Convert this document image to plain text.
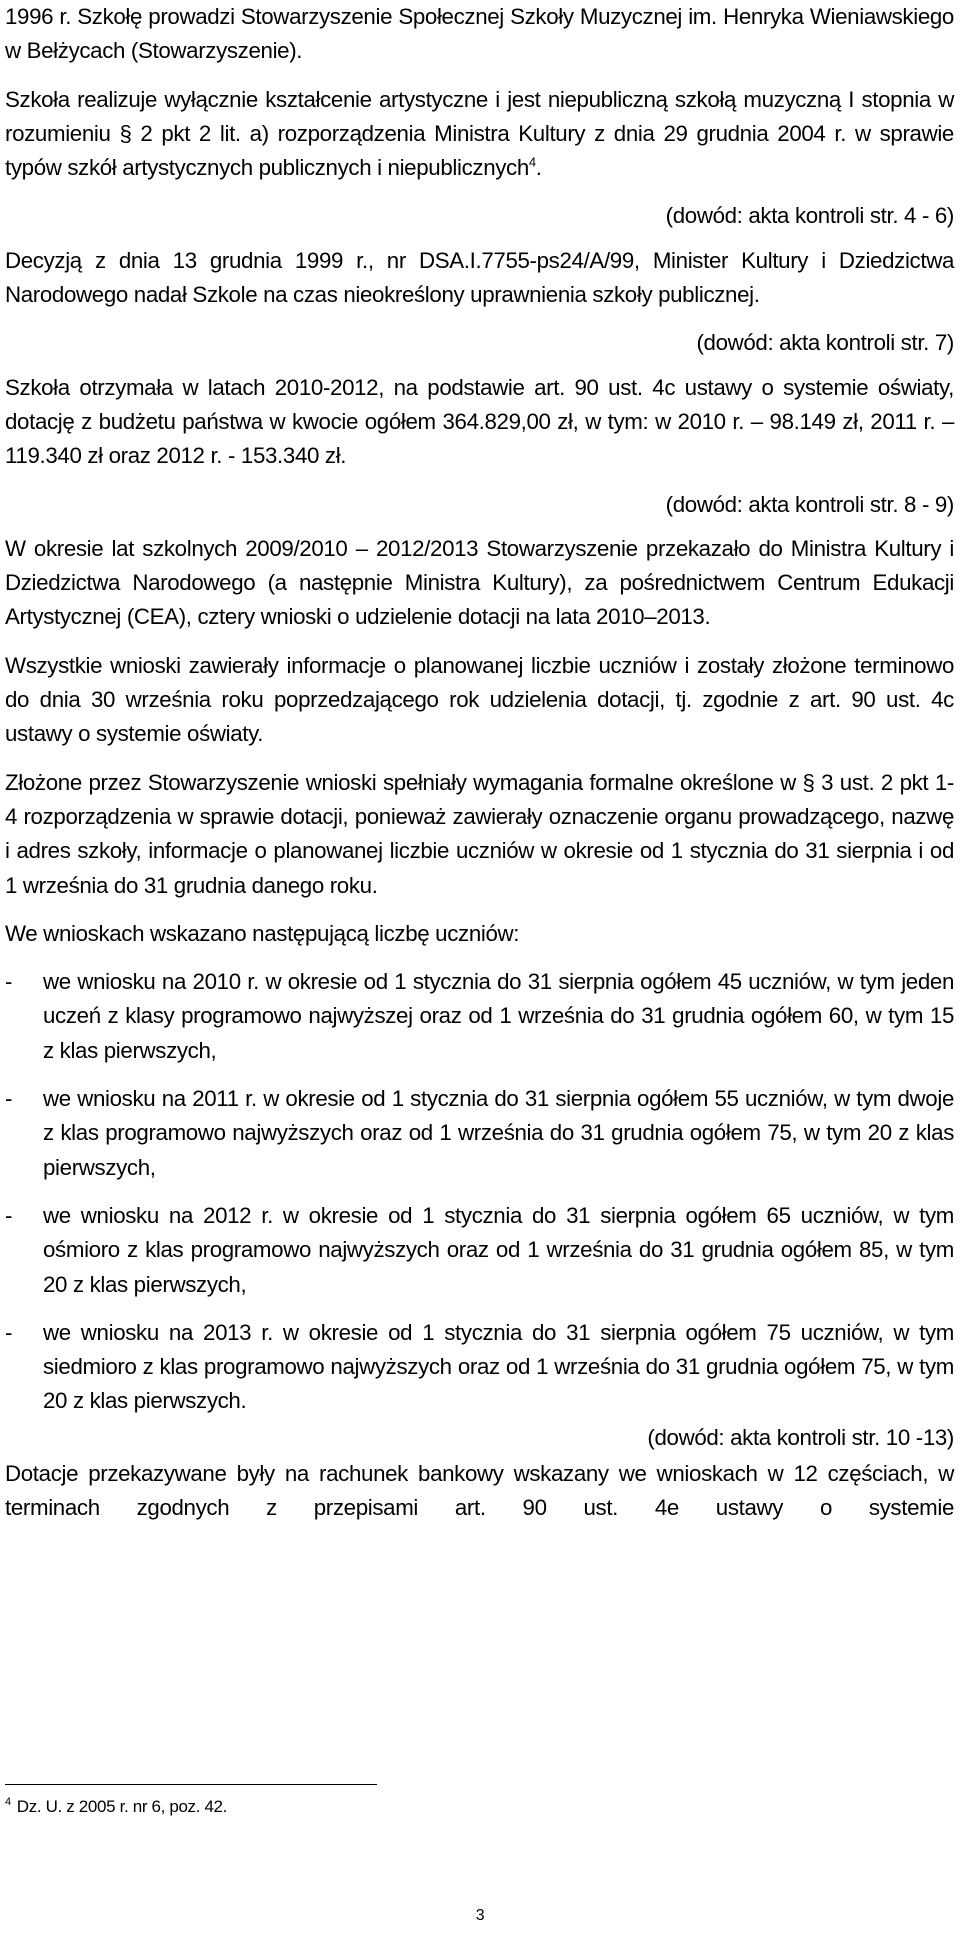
1996 r. Szkołę prowadzi Stowarzyszenie Społecznej Szkoły Muzycznej im. Henryka Wieniawskiego w Bełżycach (Stowarzyszenie).

Szkoła realizuje wyłącznie kształcenie artystyczne i jest niepubliczną szkołą muzyczną I stopnia w rozumieniu § 2 pkt 2 lit. a) rozporządzenia Ministra Kultury z dnia 29 grudnia 2004 r. w sprawie typów szkół artystycznych publicznych i niepublicznych$^4$.

(dowód: akta kontroli str. 4 - 6)

Decyzją z dnia 13 grudnia 1999 r., nr DSA.I.7755-ps24/A/99, Minister Kultury i Dziedzictwa Narodowego nadał Szkole na czas nieokreślony uprawnienia szkoły publicznej.

(dowód: akta kontroli str. 7)

Szkoła otrzymała w latach 2010-2012, na podstawie art. 90 ust. 4c ustawy o systemie oświaty, dotację z budżetu państwa w kwocie ogółem 364.829,00 zł, w tym: w 2010 r. – 98.149 zł, 2011 r. – 119.340 zł oraz 2012 r. - 153.340 zł.

(dowód: akta kontroli str. 8 - 9)

W okresie lat szkolnych 2009/2010 – 2012/2013 Stowarzyszenie przekazało do Ministra Kultury i Dziedzictwa Narodowego (a następnie Ministra Kultury), za pośrednictwem Centrum Edukacji Artystycznej (CEA), cztery wnioski o udzielenie dotacji na lata 2010–2013.

Wszystkie wnioski zawierały informacje o planowanej liczbie uczniów i zostały złożone terminowo do dnia 30 września roku poprzedzającego rok udzielenia dotacji, tj. zgodnie z art. 90 ust. 4c ustawy o systemie oświaty.

Złożone przez Stowarzyszenie wnioski spełniały wymagania formalne określone w § 3 ust. 2 pkt 1-4 rozporządzenia w sprawie dotacji, ponieważ zawierały oznaczenie organu prowadzącego, nazwę i adres szkoły, informacje o planowanej liczbie uczniów w okresie od 1 stycznia do 31 sierpnia i od 1 września do 31 grudnia danego roku.

We wnioskach wskazano następującą liczbę uczniów:

- we wniosku na 2010 r. w okresie od 1 stycznia do 31 sierpnia ogółem 45 uczniów, w tym jeden uczeń z klasy programowo najwyższej oraz od 1 września do 31 grudnia ogółem 60, w tym 15 z klas pierwszych,
- we wniosku na 2011 r. w okresie od 1 stycznia do 31 sierpnia ogółem 55 uczniów, w tym dwoje z klas programowo najwyższych oraz od 1 września do 31 grudnia ogółem 75, w tym 20 z klas pierwszych,
- we wniosku na 2012 r. w okresie od 1 stycznia do 31 sierpnia ogółem 65 uczniów, w tym ośmioro z klas programowo najwyższych oraz od 1 września do 31 grudnia ogółem 85, w tym 20 z klas pierwszych,
- we wniosku na 2013 r. w okresie od 1 stycznia do 31 sierpnia ogółem 75 uczniów, w tym siedmioro z klas programowo najwyższych oraz od 1 września do 31 grudnia ogółem 75, w tym 20 z klas pierwszych.

(dowód: akta kontroli str. 10 -13)

Dotacje przekazywane były na rachunek bankowy wskazany we wnioskach w 12 częściach, w terminach zgodnych z przepisami art. 90 ust. 4e ustawy o systemie

$^4$ Dz. U. z 2005 r. nr 6, poz. 42.
3
